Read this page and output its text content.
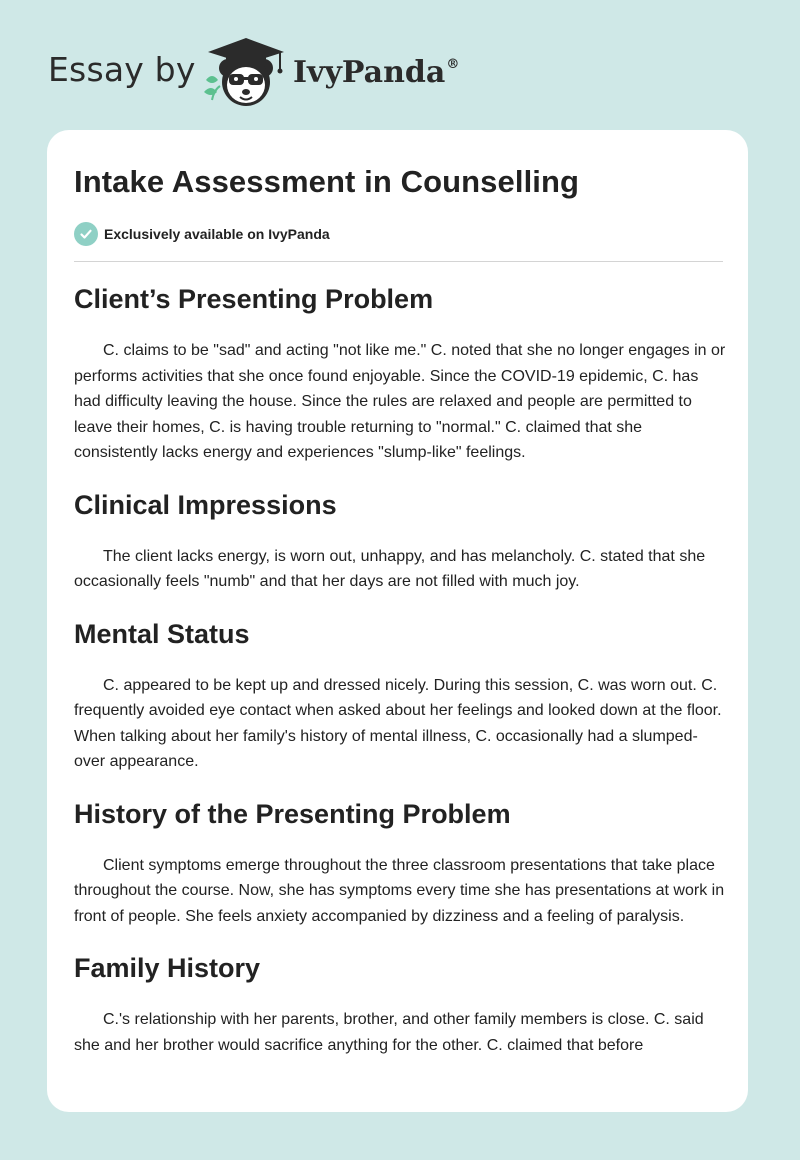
Essay by	IvyPanda®
Intake Assessment in Counselling
Exclusively available on IvyPanda
Client’s Presenting Problem

C. claims to be "sad" and acting "not like me." C. noted that she no longer engages in or performs activities that she once found enjoyable. Since the COVID-19 epidemic, C. has had difficulty leaving the house. Since the rules are relaxed and people are permitted to leave their homes, C. is having trouble returning to "normal." C. claimed that she consistently lacks energy and experiences "slump-like" feelings.

Clinical Impressions

The client lacks energy, is worn out, unhappy, and has melancholy. C. stated that she occasionally feels "numb" and that her days are not filled with much joy.

Mental Status

C. appeared to be kept up and dressed nicely. During this session, C. was worn out. C. frequently avoided eye contact when asked about her feelings and looked down at the floor. When talking about her family's history of mental illness, C. occasionally had a slumped-over appearance.

History of the Presenting Problem

Client symptoms emerge throughout the three classroom presentations that take place throughout the course. Now, she has symptoms every time she has presentations at work in front of people. She feels anxiety accompanied by dizziness and a feeling of paralysis.

Family History

C.'s relationship with her parents, brother, and other family members is close. C. said she and her brother would sacrifice anything for the other. C. claimed that before
